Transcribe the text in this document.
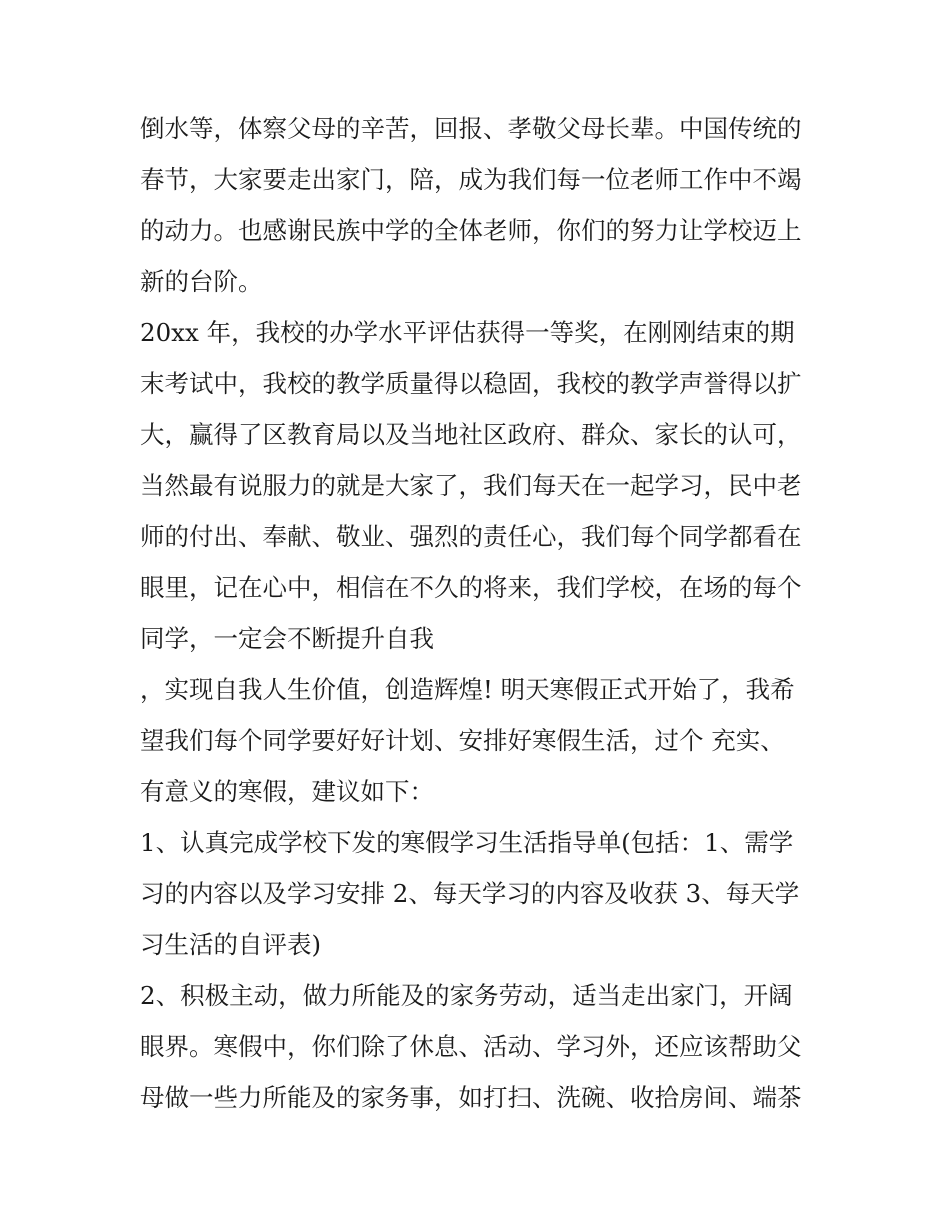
倒水等，体察父母的辛苦，回报、孝敬父母长辈。中国传统的
春节，大家要走出家门，陪，成为我们每一位老师工作中不竭
的动力。也感谢民族中学的全体老师，你们的努力让学校迈上
新的台阶。
20xx 年，我校的办学水平评估获得一等奖，在刚刚结束的期
末考试中，我校的教学质量得以稳固，我校的教学声誉得以扩
大，赢得了区教育局以及当地社区政府、群众、家长的认可，
当然最有说服力的就是大家了，我们每天在一起学习，民中老
师的付出、奉献、敬业、强烈的责任心，我们每个同学都看在
眼里，记在心中，相信在不久的将来，我们学校，在场的每个
同学，一定会不断提升自我
，实现自我人生价值，创造辉煌! 明天寒假正式开始了，我希
望我们每个同学要好好计划、安排好寒假生活，过个 充实、
有意义的寒假，建议如下：
1、认真完成学校下发的寒假学习生活指导单(包括：1、需学
习的内容以及学习安排 2、每天学习的内容及收获 3、每天学
习生活的自评表)
2、积极主动，做力所能及的家务劳动，适当走出家门，开阔
眼界。寒假中，你们除了休息、活动、学习外，还应该帮助父
母做一些力所能及的家务事，如打扫、洗碗、收拾房间、端茶
